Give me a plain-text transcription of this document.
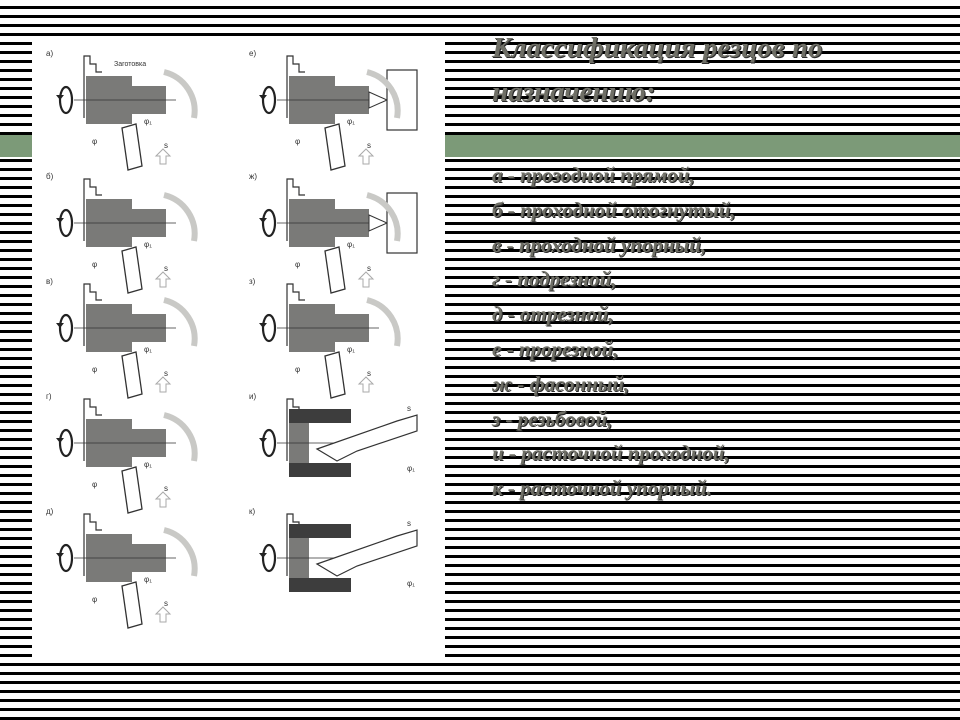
а)
Заготовка
s
φ
φ₁
б)
s
φ
φ₁
в)
s
φ
φ₁
г)
s
φ
φ₁
д)
s
φ
φ₁
е)
s
φ
φ₁
ж)
s
φ
φ₁
з)
s
φ
φ₁
и)
s
φ₁
к)
s
φ₁
Классификация резцов по назначению:
а - прозодной прямой,
б - проходной отогнутый,
в - проходной упорный,
г - подрезной,
д - отрезной,
е - прорезной,
ж - фасонный,
з - резьбовой,
и - расточной проходной,
к - расточной упорный.
